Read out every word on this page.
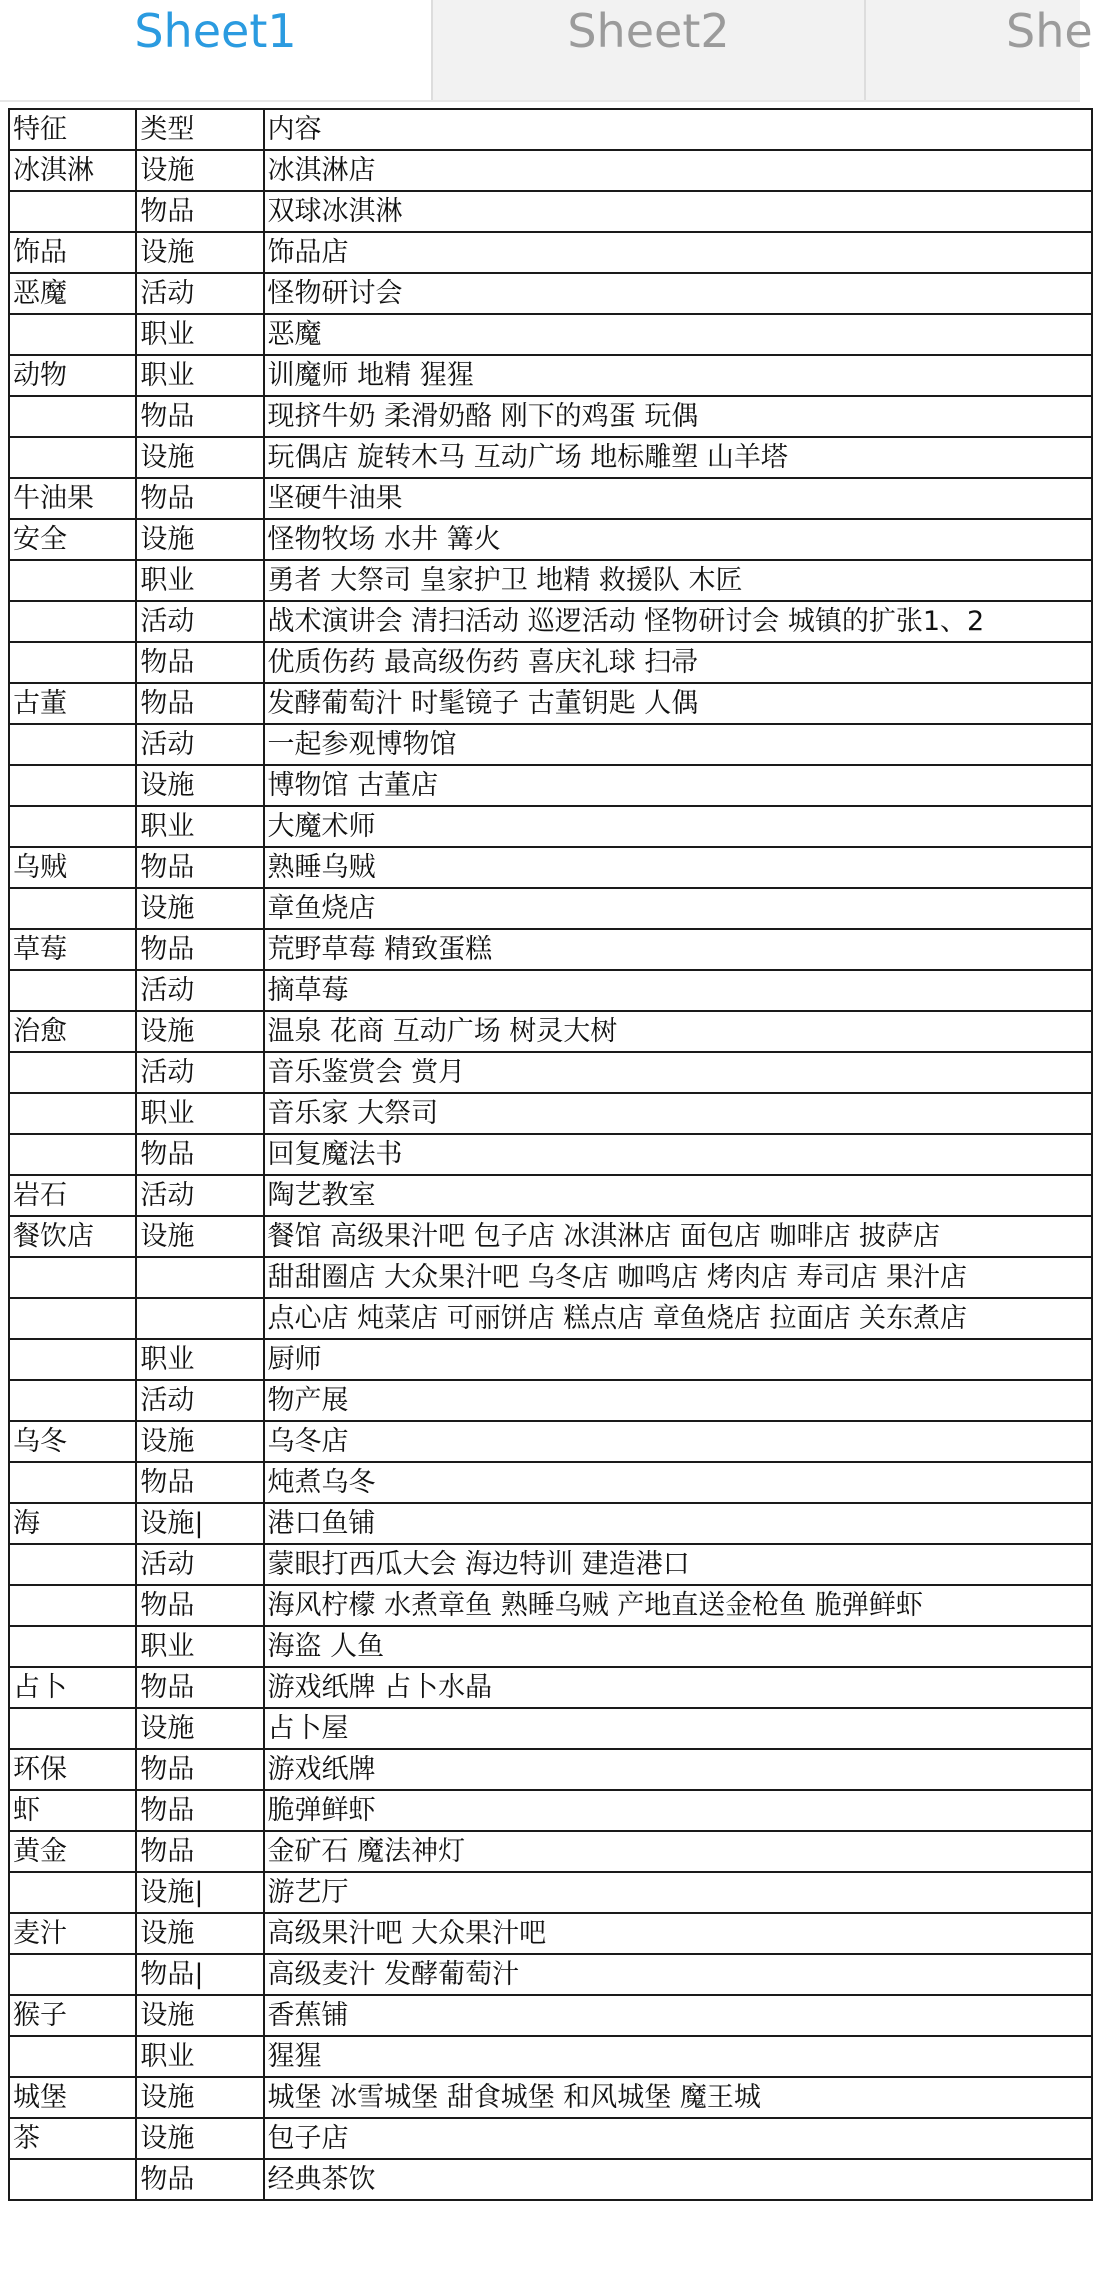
Sheet1	Sheet2	She
特征	类型	内容
冰淇淋	设施	冰淇淋店
	物品	双球冰淇淋
饰品	设施	饰品店
恶魔	活动	怪物研讨会
	职业	恶魔
动物	职业	训魔师 地精 猩猩
	物品	现挤牛奶 柔滑奶酪 刚下的鸡蛋 玩偶
	设施	玩偶店 旋转木马 互动广场 地标雕塑 山羊塔
牛油果	物品	坚硬牛油果
安全	设施	怪物牧场 水井 篝火
	职业	勇者 大祭司 皇家护卫 地精 救援队 木匠
	活动	战术演讲会 清扫活动 巡逻活动 怪物研讨会 城镇的扩张1、2
	物品	优质伤药 最高级伤药 喜庆礼球 扫帚
古董	物品	发酵葡萄汁 时髦镜子 古董钥匙 人偶
	活动	一起参观博物馆
	设施	博物馆 古董店
	职业	大魔术师
乌贼	物品	熟睡乌贼
	设施	章鱼烧店
草莓	物品	荒野草莓 精致蛋糕
	活动	摘草莓
治愈	设施	温泉 花商 互动广场 树灵大树
	活动	音乐鉴赏会 赏月
	职业	音乐家 大祭司
	物品	回复魔法书
岩石	活动	陶艺教室
餐饮店	设施	餐馆 高级果汁吧 包子店 冰淇淋店 面包店 咖啡店 披萨店
		甜甜圈店 大众果汁吧 乌冬店 咖鸣店 烤肉店 寿司店 果汁店
		点心店 炖菜店 可丽饼店 糕点店 章鱼烧店 拉面店 关东煮店
	职业	厨师
	活动	物产展
乌冬	设施	乌冬店
	物品	炖煮乌冬
海	设施|	港口鱼铺
	活动	蒙眼打西瓜大会 海边特训 建造港口
	物品	海风柠檬 水煮章鱼 熟睡乌贼 产地直送金枪鱼 脆弹鲜虾
	职业	海盗 人鱼
占卜	物品	游戏纸牌 占卜水晶
	设施	占卜屋
环保	物品	游戏纸牌
虾	物品	脆弹鲜虾
黄金	物品	金矿石 魔法神灯
	设施|	游艺厅
麦汁	设施	高级果汁吧 大众果汁吧
	物品|	高级麦汁 发酵葡萄汁
猴子	设施	香蕉铺
	职业	猩猩
城堡	设施	城堡 冰雪城堡 甜食城堡 和风城堡 魔王城
茶	设施	包子店
	物品	经典茶饮
